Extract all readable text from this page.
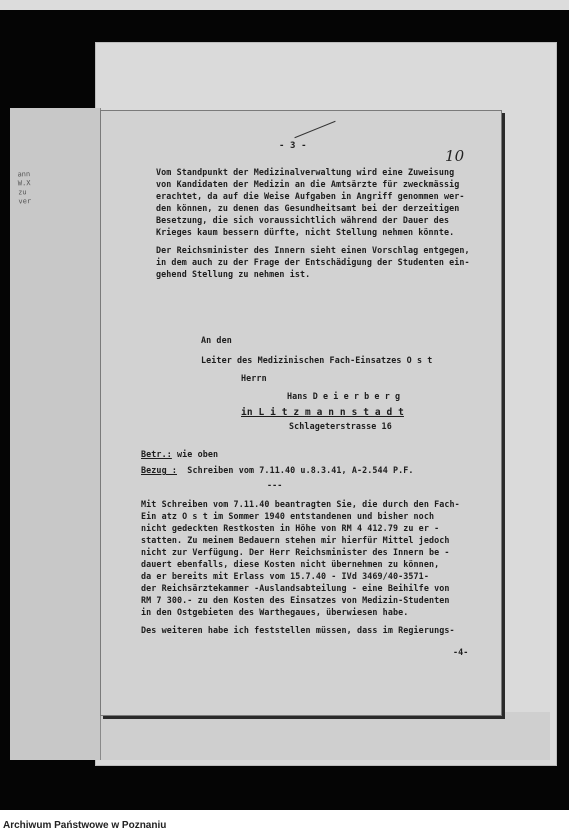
ann
W.X
zu
ver
- 3 -
10
Vom Standpunkt der Medizinalverwaltung wird eine Zuweisung
von Kandidaten der Medizin an die Amtsärzte für zweckmässig
erachtet, da auf die Weise Aufgaben in Angriff genommen wer-
den können, zu denen das Gesundheitsamt bei der derzeitigen
Besetzung, die sich voraussichtlich während der Dauer des
Krieges kaum bessern dürfte, nicht Stellung nehmen könnte.
Der Reichsminister des Innern sieht einen Vorschlag entgegen,
in dem auch zu der Frage der Entschädigung der Studenten ein-
gehend Stellung zu nehmen ist.
An den
Leiter des Medizinischen Fach-Einsatzes O s t
Herrn
Hans D e i e r b e r g
in L i t z m a n n s t a d t
Schlageterstrasse 16
Betr.: wie oben
Bezug : Schreiben vom 7.11.40 u.8.3.41, A-2.544 P.F.
---
Mit Schreiben vom 7.11.40 beantragten Sie, die durch den Fach-
Ein atz O s t im Sommer 1940 entstandenen und bisher noch
nicht gedeckten Restkosten in Höhe von RM 4 412.79 zu er -
statten. Zu meinem Bedauern stehen mir hierfür Mittel jedoch
nicht zur Verfügung. Der Herr Reichsminister des Innern be -
dauert ebenfalls, diese Kosten nicht übernehmen zu können,
da er bereits mit Erlass vom 15.7.40 - IVd 3469/40-3571-
der Reichsärztekammer -Auslandsabteilung - eine Beihilfe von
RM 7 300.- zu den Kosten des Einsatzes von Medizin-Studenten
in den Ostgebieten des Warthegaues, überwiesen habe.
Des weiteren habe ich feststellen müssen, dass im Regierungs-
-4-
Archiwum Państwowe w Poznaniu
